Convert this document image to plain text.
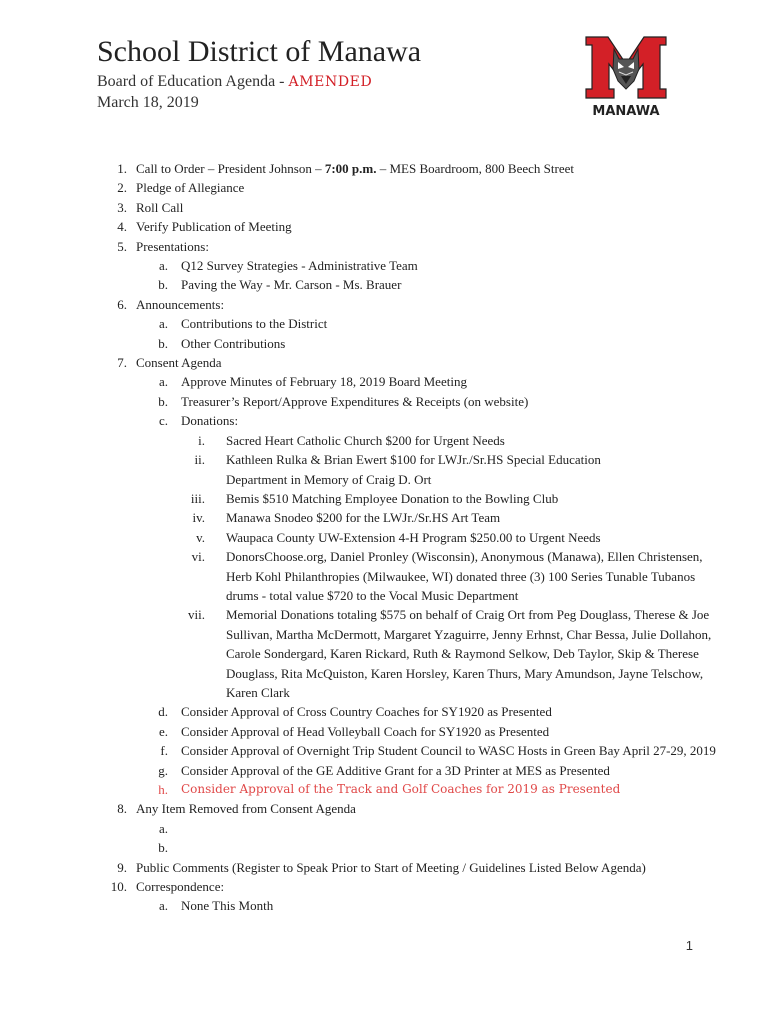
School District of Manawa
Board of Education Agenda - AMENDED
March 18, 2019
MANAWA
1. Call to Order – President Johnson – 7:00 p.m. – MES Boardroom, 800 Beech Street
2. Pledge of Allegiance
3. Roll Call
4. Verify Publication of Meeting
5. Presentations:
a. Q12 Survey Strategies - Administrative Team
b. Paving the Way - Mr. Carson - Ms. Brauer
6. Announcements:
a. Contributions to the District
b. Other Contributions
7. Consent Agenda
a. Approve Minutes of February 18, 2019 Board Meeting
b. Treasurer’s Report/Approve Expenditures & Receipts (on website)
c. Donations:
i. Sacred Heart Catholic Church $200 for Urgent Needs
ii. Kathleen Rulka & Brian Ewert $100 for LWJr./Sr.HS Special Education
Department in Memory of Craig D. Ort
iii. Bemis $510 Matching Employee Donation to the Bowling Club
iv. Manawa Snodeo $200 for the LWJr./Sr.HS Art Team
v. Waupaca County UW-Extension 4-H Program $250.00 to Urgent Needs
vi. DonorsChoose.org, Daniel Pronley (Wisconsin), Anonymous (Manawa), Ellen Christensen,
Herb Kohl Philanthropies (Milwaukee, WI) donated three (3) 100 Series Tunable Tubanos
drums - total value $720 to the Vocal Music Department
vii. Memorial Donations totaling $575 on behalf of Craig Ort from Peg Douglass, Therese & Joe
Sullivan, Martha McDermott, Margaret Yzaguirre, Jenny Erhnst, Char Bessa, Julie Dollahon,
Carole Sondergard, Karen Rickard, Ruth & Raymond Selkow, Deb Taylor, Skip & Therese
Douglass, Rita McQuiston, Karen Horsley, Karen Thurs, Mary Amundson, Jayne Telschow,
Karen Clark
d. Consider Approval of Cross Country Coaches for SY1920 as Presented
e. Consider Approval of Head Volleyball Coach for SY1920 as Presented
f. Consider Approval of Overnight Trip Student Council to WASC Hosts in Green Bay April 27-29, 2019
g. Consider Approval of the GE Additive Grant for a 3D Printer at MES as Presented
h. Consider Approval of the Track and Golf Coaches for 2019 as Presented
8. Any Item Removed from Consent Agenda
a.
b.
9. Public Comments (Register to Speak Prior to Start of Meeting / Guidelines Listed Below Agenda)
10. Correspondence:
a. None This Month
1
